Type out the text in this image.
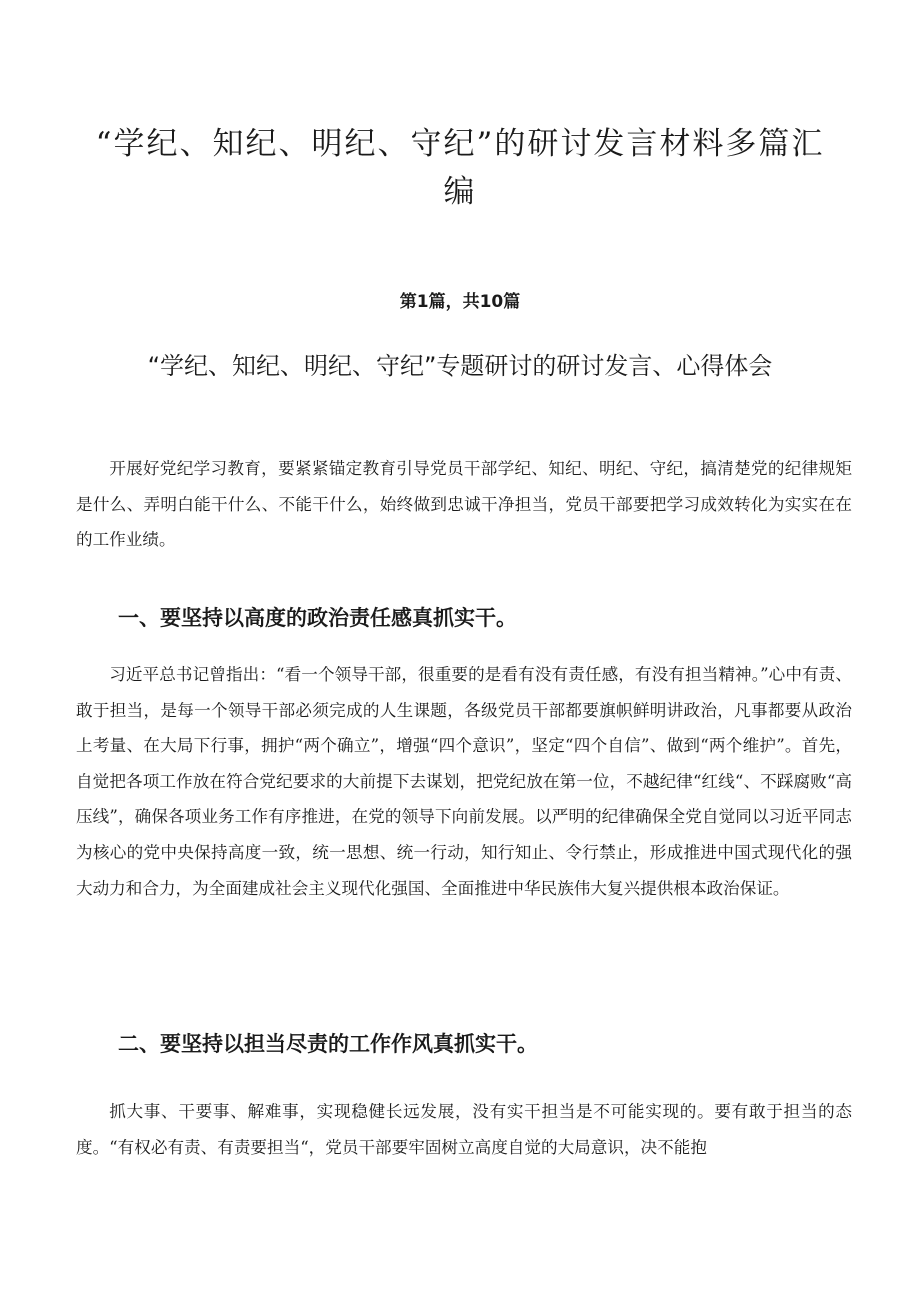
“学纪、知纪、明纪、守纪”的研讨发言材料多篇汇编

第1篇，共10篇

“学纪、知纪、明纪、守纪”专题研讨的研讨发言、心得体会

开展好党纪学习教育，要紧紧锚定教育引导党员干部学纪、知纪、明纪、守纪，搞清楚党的纪律规矩是什么、弄明白能干什么、不能干什么，始终做到忠诚干净担当，党员干部要把学习成效转化为实实在在的工作业绩。

一、要坚持以高度的政治责任感真抓实干。

习近平总书记曾指出：“看一个领导干部，很重要的是看有没有责任感，有没有担当精神。”心中有责、敢于担当，是每一个领导干部必须完成的人生课题，各级党员干部都要旗帜鲜明讲政治，凡事都要从政治上考量、在大局下行事，拥护“两个确立”，增强“四个意识”，坚定“四个自信”、做到“两个维护”。首先，自觉把各项工作放在符合党纪要求的大前提下去谋划，把党纪放在第一位，不越纪律“红线“、不踩腐败“高压线”，确保各项业务工作有序推进，在党的领导下向前发展。以严明的纪律确保全党自觉同以习近平同志为核心的党中央保持高度一致，统一思想、统一行动，知行知止、令行禁止，形成推进中国式现代化的强大动力和合力，为全面建成社会主义现代化强国、全面推进中华民族伟大复兴提供根本政治保证。

二、要坚持以担当尽责的工作作风真抓实干。

抓大事、干要事、解难事，实现稳健长远发展，没有实干担当是不可能实现的。要有敢于担当的态度。“有权必有责、有责要担当“，党员干部要牢固树立高度自觉的大局意识，决不能抱
